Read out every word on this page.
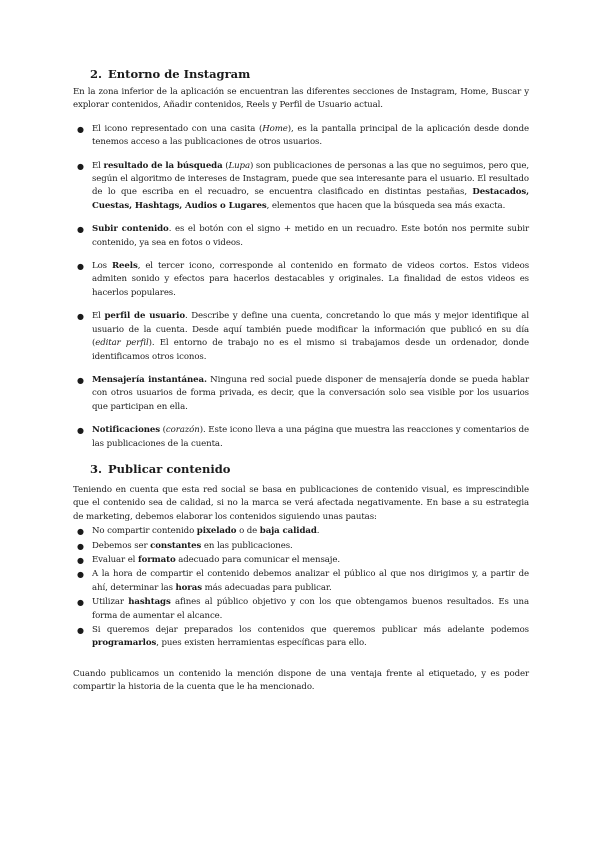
2. Entorno de Instagram

En la zona inferior de la aplicación se encuentran las diferentes secciones de Instagram, Home, Buscar y explorar contenidos, Añadir contenidos, Reels y Perfil de Usuario actual.

● El icono representado con una casita (Home), es la pantalla principal de la aplicación desde donde tenemos acceso a las publicaciones de otros usuarios.
● El resultado de la búsqueda (Lupa) son publicaciones de personas a las que no seguimos, pero que, según el algoritmo de intereses de Instagram, puede que sea interesante para el usuario. El resultado de lo que escriba en el recuadro, se encuentra clasificado en distintas pestañas, Destacados, Cuestas, Hashtags, Audios o Lugares, elementos que hacen que la búsqueda sea más exacta.
● Subir contenido. es el botón con el signo + metido en un recuadro. Este botón nos permite subir contenido, ya sea en fotos o videos.
● Los Reels, el tercer icono, corresponde al contenido en formato de videos cortos. Estos videos admiten sonido y efectos para hacerlos destacables y originales. La finalidad de estos videos es hacerlos populares.
● El perfil de usuario. Describe y define una cuenta, concretando lo que más y mejor identifique al usuario de la cuenta. Desde aquí también puede modificar la información que publicó en su día (editar perfil). El entorno de trabajo no es el mismo si trabajamos desde un ordenador, donde identificamos otros iconos.
● Mensajería instantánea. Ninguna red social puede disponer de mensajería donde se pueda hablar con otros usuarios de forma privada, es decir, que la conversación solo sea visible por los usuarios que participan en ella.
● Notificaciones (corazón). Este icono lleva a una página que muestra las reacciones y comentarios de las publicaciones de la cuenta.
3. Publicar contenido

Teniendo en cuenta que esta red social se basa en publicaciones de contenido visual, es imprescindible que el contenido sea de calidad, si no la marca se verá afectada negativamente. En base a su estrategia de marketing, debemos elaborar los contenidos siguiendo unas pautas:

● No compartir contenido pixelado o de baja calidad.
● Debemos ser constantes en las publicaciones.
● Evaluar el formato adecuado para comunicar el mensaje.
● A la hora de compartir el contenido debemos analizar el público al que nos dirigimos y, a partir de ahí, determinar las horas más adecuadas para publicar.
● Utilizar hashtags afines al público objetivo y con los que obtengamos buenos resultados. Es una forma de aumentar el alcance.
● Si queremos dejar preparados los contenidos que queremos publicar más adelante podemos programarlos, pues existen herramientas específicas para ello.

Cuando publicamos un contenido la mención dispone de una ventaja frente al etiquetado, y es poder compartir la historia de la cuenta que le ha mencionado.
